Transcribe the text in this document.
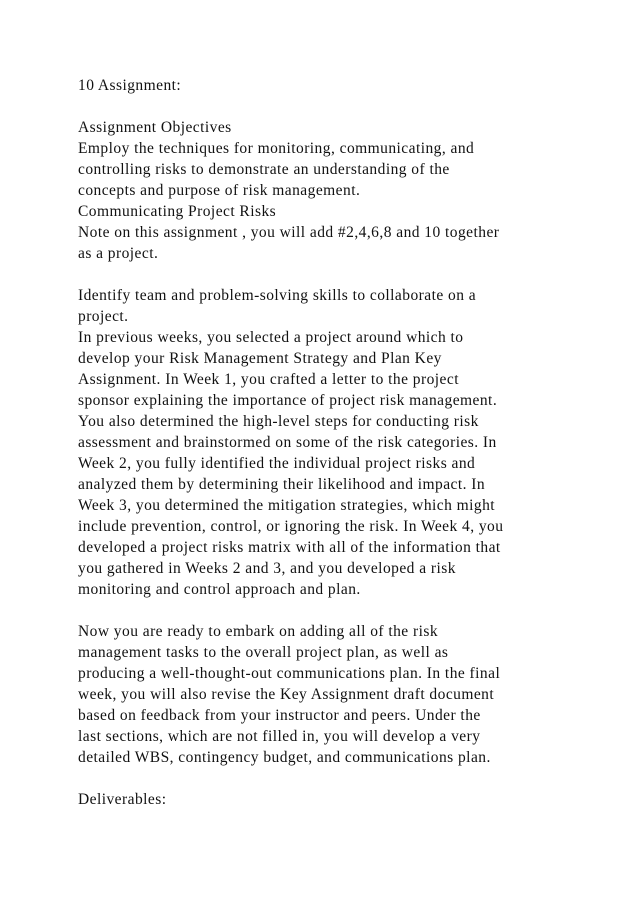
10 Assignment:
Assignment Objectives
Employ the techniques for monitoring, communicating, and
controlling risks to demonstrate an understanding of the
concepts and purpose of risk management.
Communicating Project Risks
Note on this assignment , you will add #2,4,6,8 and 10 together
as a project.
Identify team and problem-solving skills to collaborate on a
project.
In previous weeks, you selected a project around which to
develop your Risk Management Strategy and Plan Key
Assignment. In Week 1, you crafted a letter to the project
sponsor explaining the importance of project risk management.
You also determined the high-level steps for conducting risk
assessment and brainstormed on some of the risk categories. In
Week 2, you fully identified the individual project risks and
analyzed them by determining their likelihood and impact. In
Week 3, you determined the mitigation strategies, which might
include prevention, control, or ignoring the risk. In Week 4, you
developed a project risks matrix with all of the information that
you gathered in Weeks 2 and 3, and you developed a risk
monitoring and control approach and plan.
Now you are ready to embark on adding all of the risk
management tasks to the overall project plan, as well as
producing a well-thought-out communications plan. In the final
week, you will also revise the Key Assignment draft document
based on feedback from your instructor and peers. Under the
last sections, which are not filled in, you will develop a very
detailed WBS, contingency budget, and communications plan.
Deliverables:
